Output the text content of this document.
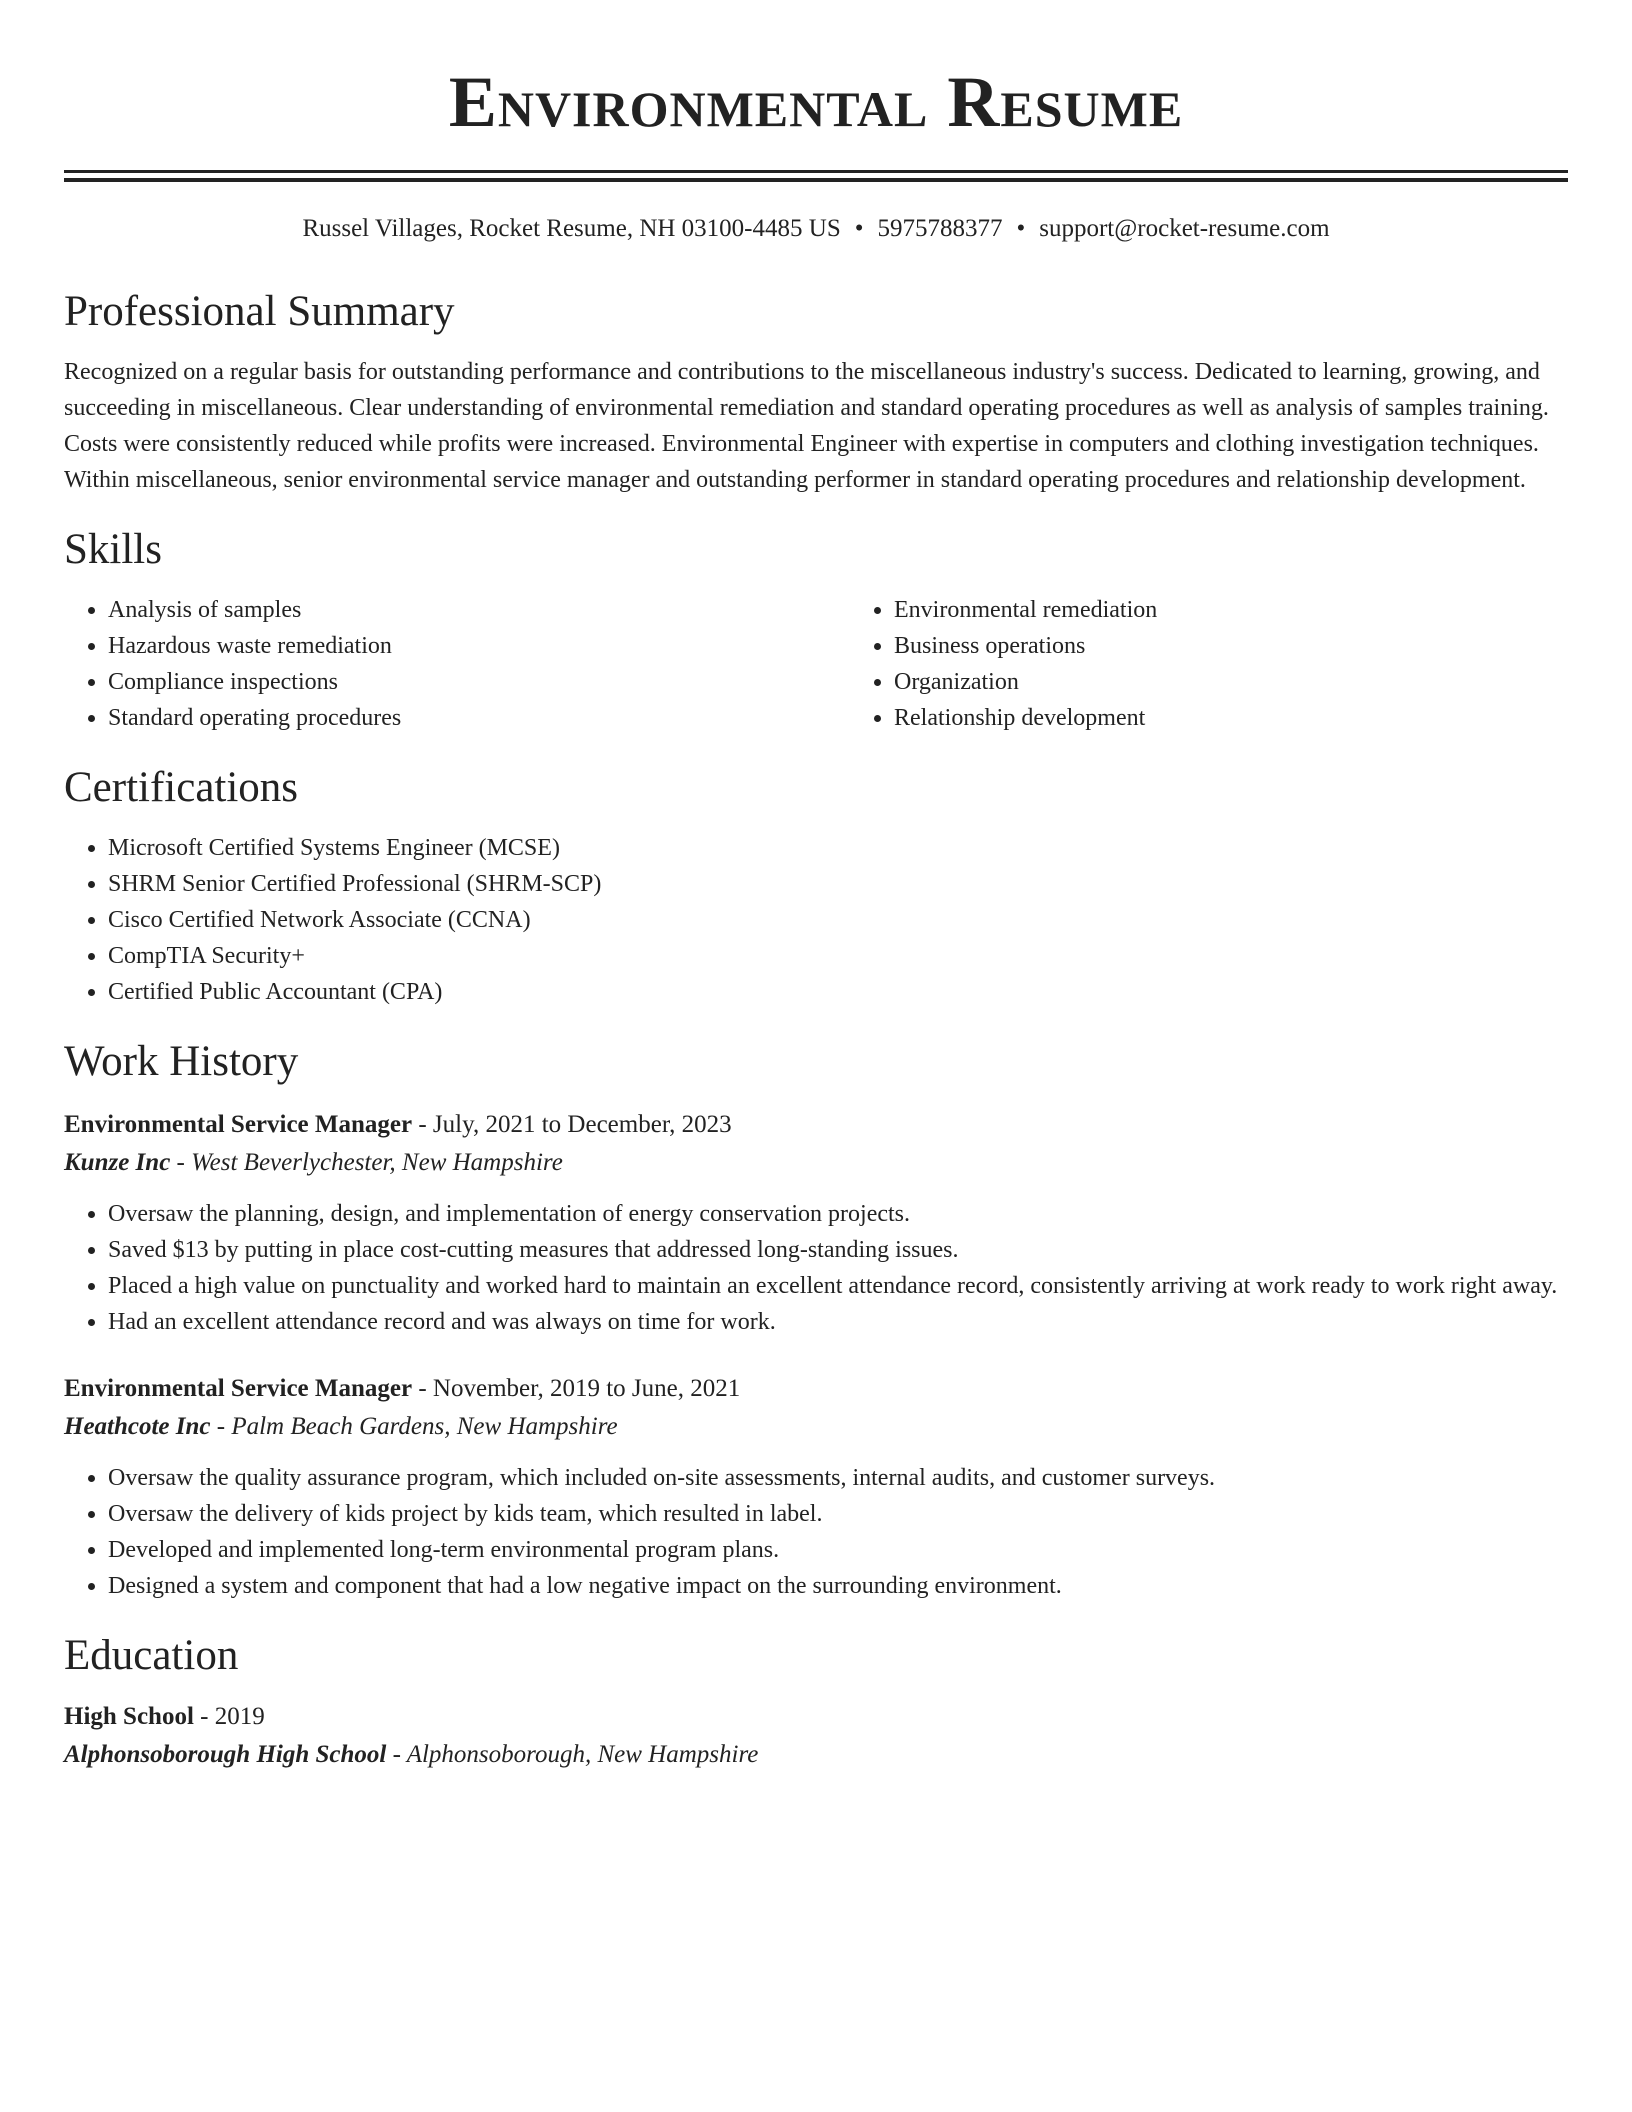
Environmental Resume
Russel Villages, Rocket Resume, NH 03100-4485 US • 5975788377 • support@rocket-resume.com
Professional Summary

Recognized on a regular basis for outstanding performance and contributions to the miscellaneous industry's success. Dedicated to learning, growing, and succeeding in miscellaneous. Clear understanding of environmental remediation and standard operating procedures as well as analysis of samples training. Costs were consistently reduced while profits were increased. Environmental Engineer with expertise in computers and clothing investigation techniques. Within miscellaneous, senior environmental service manager and outstanding performer in standard operating procedures and relationship development.

Skills
• Analysis of samples
• Hazardous waste remediation
• Compliance inspections
• Standard operating procedures
• Environmental remediation
• Business operations
• Organization
• Relationship development
Certifications
• Microsoft Certified Systems Engineer (MCSE)
• SHRM Senior Certified Professional (SHRM-SCP)
• Cisco Certified Network Associate (CCNA)
• CompTIA Security+
• Certified Public Accountant (CPA)
Work History
Environmental Service Manager - July, 2021 to December, 2023
Kunze Inc - West Beverlychester, New Hampshire
• Oversaw the planning, design, and implementation of energy conservation projects.
• Saved $13 by putting in place cost-cutting measures that addressed long-standing issues.
• Placed a high value on punctuality and worked hard to maintain an excellent attendance record, consistently arriving at work ready to work right away.
• Had an excellent attendance record and was always on time for work.
Environmental Service Manager - November, 2019 to June, 2021
Heathcote Inc - Palm Beach Gardens, New Hampshire
• Oversaw the quality assurance program, which included on-site assessments, internal audits, and customer surveys.
• Oversaw the delivery of kids project by kids team, which resulted in label.
• Developed and implemented long-term environmental program plans.
• Designed a system and component that had a low negative impact on the surrounding environment.
Education
High School - 2019
Alphonsoborough High School - Alphonsoborough, New Hampshire
